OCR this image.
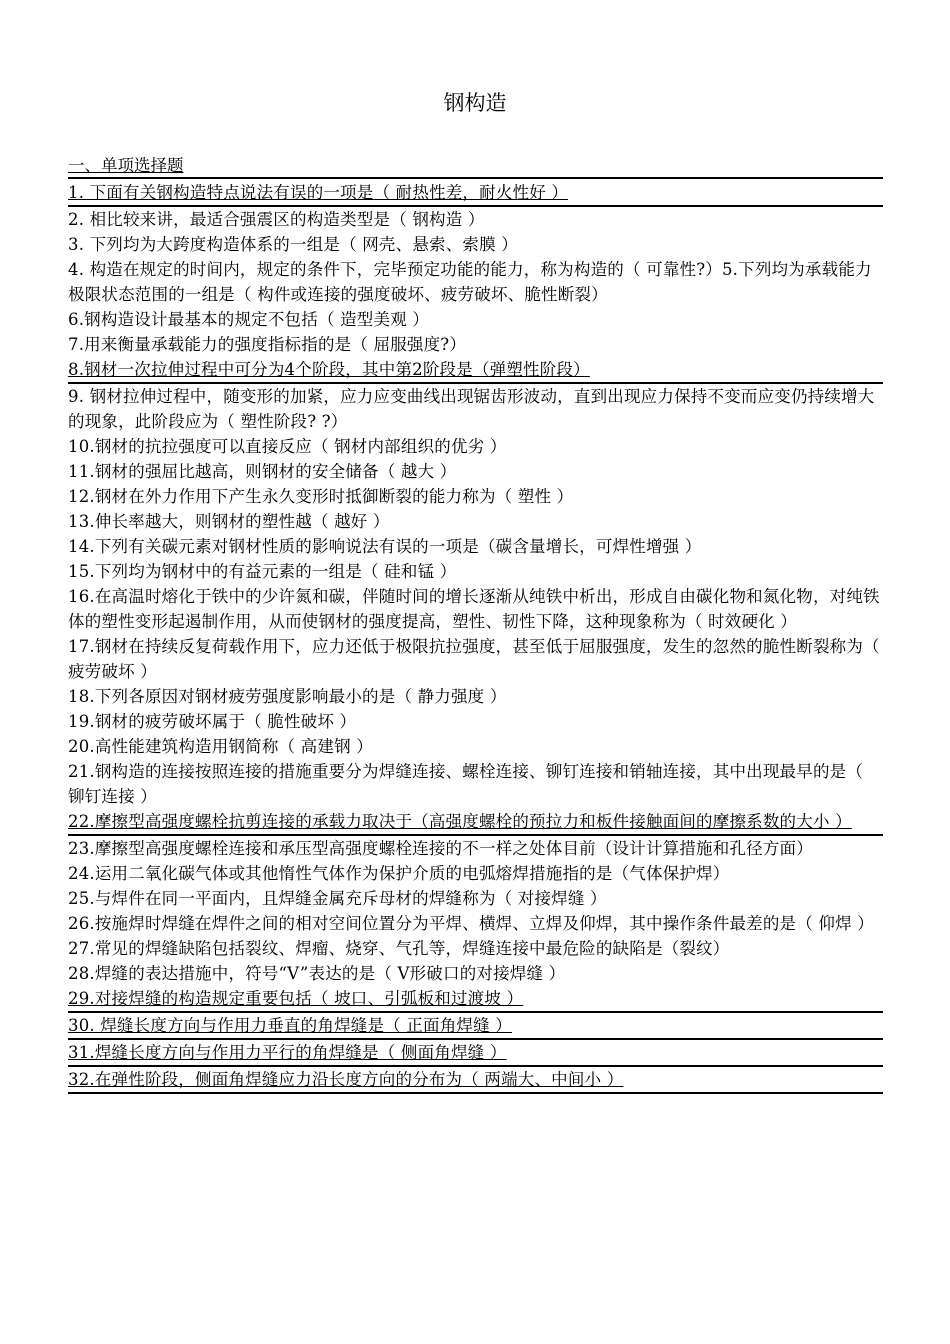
钢构造
一、单项选择题
1. 下面有关钢构造特点说法有误的一项是（ 耐热性差，耐火性好 ）
2. 相比较来讲，最适合强震区的构造类型是（ 钢构造 ）
3. 下列均为大跨度构造体系的一组是（ 网壳、悬索、索膜 ）
4. 构造在规定的时间内，规定的条件下，完毕预定功能的能力，称为构造的（ 可靠性?）5.下列均为承载能力极限状态范围的一组是（ 构件或连接的强度破坏、疲劳破坏、脆性断裂）
6.钢构造设计最基本的规定不包括（ 造型美观 ）
7.用来衡量承载能力的强度指标指的是（ 屈服强度?）
8.钢材一次拉伸过程中可分为4个阶段，其中第2阶段是（弹塑性阶段）
9. 钢材拉伸过程中，随变形的加紧，应力应变曲线出现锯齿形波动，直到出现应力保持不变而应变仍持续增大的现象，此阶段应为（ 塑性阶段? ?）
10.钢材的抗拉强度可以直接反应（ 钢材内部组织的优劣 ）
11.钢材的强屈比越高，则钢材的安全储备（ 越大 ）
12.钢材在外力作用下产生永久变形时抵御断裂的能力称为（ 塑性 ）
13.伸长率越大，则钢材的塑性越（ 越好 ）
14.下列有关碳元素对钢材性质的影响说法有误的一项是（碳含量增长，可焊性增强 ）
15.下列均为钢材中的有益元素的一组是（ 硅和锰 ）
16.在高温时熔化于铁中的少许氮和碳，伴随时间的增长逐渐从纯铁中析出，形成自由碳化物和氮化物，对纯铁体的塑性变形起遏制作用，从而使钢材的强度提高，塑性、韧性下降，这种现象称为（ 时效硬化 ）
17.钢材在持续反复荷载作用下，应力还低于极限抗拉强度，甚至低于屈服强度，发生的忽然的脆性断裂称为（ 疲劳破坏 ）
18.下列各原因对钢材疲劳强度影响最小的是（ 静力强度 ）
19.钢材的疲劳破坏属于（ 脆性破坏 ）
20.高性能建筑构造用钢简称（ 高建钢 ）
21.钢构造的连接按照连接的措施重要分为焊缝连接、螺栓连接、铆钉连接和销轴连接，其中出现最早的是（ 铆钉连接 ）
22.摩擦型高强度螺栓抗剪连接的承载力取决于（高强度螺栓的预拉力和板件接触面间的摩擦系数的大小 ）
23.摩擦型高强度螺栓连接和承压型高强度螺栓连接的不一样之处体目前（设计计算措施和孔径方面）
24.运用二氧化碳气体或其他惰性气体作为保护介质的电弧熔焊措施指的是（气体保护焊）
25.与焊件在同一平面内，且焊缝金属充斥母材的焊缝称为（ 对接焊缝 ）
26.按施焊时焊缝在焊件之间的相对空间位置分为平焊、横焊、立焊及仰焊，其中操作条件最差的是（ 仰焊 ）
27.常见的焊缝缺陷包括裂纹、焊瘤、烧穿、气孔等，焊缝连接中最危险的缺陷是（裂纹）
28.焊缝的表达措施中，符号“V”表达的是（ V形破口的对接焊缝 ）
29.对接焊缝的构造规定重要包括（ 坡口、引弧板和过渡坡 ）
30. 焊缝长度方向与作用力垂直的角焊缝是（ 正面角焊缝 ）
31.焊缝长度方向与作用力平行的角焊缝是（ 侧面角焊缝 ）
32.在弹性阶段，侧面角焊缝应力沿长度方向的分布为（ 两端大、中间小 ）
